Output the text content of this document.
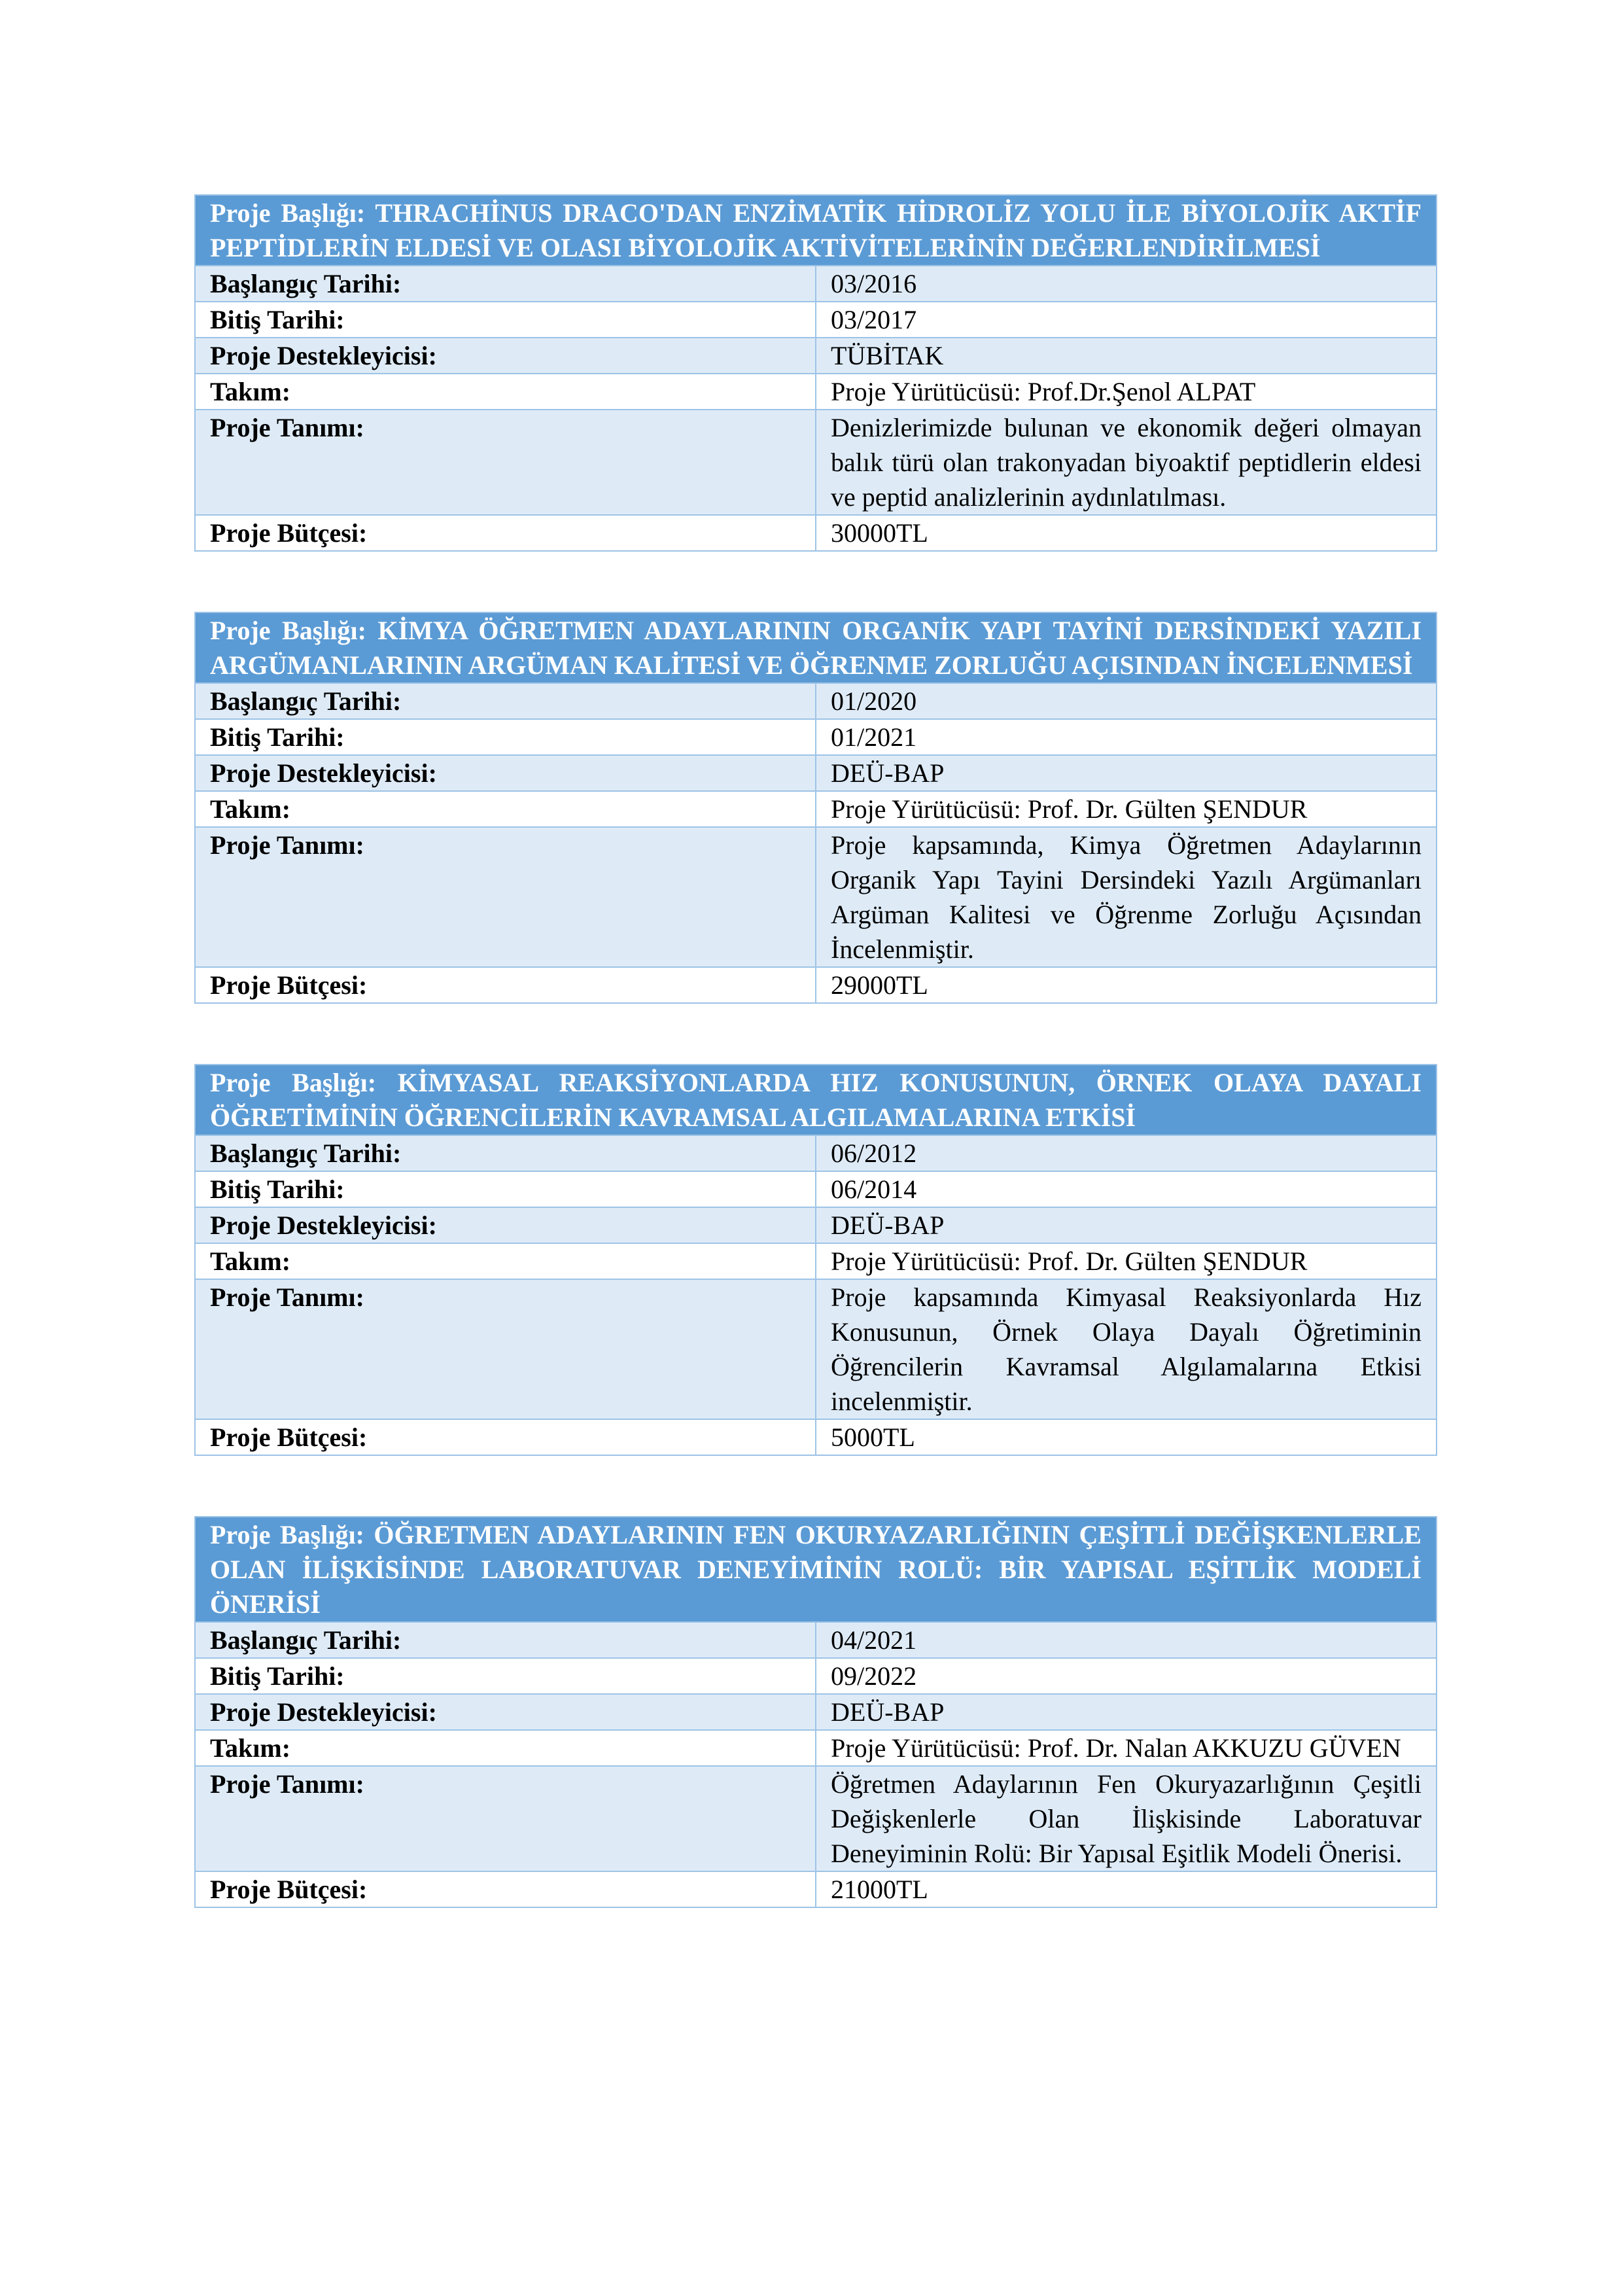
Proje Başlığı: THRACHİNUS DRACO'DAN ENZİMATİK HİDROLİZ YOLU İLE BİYOLOJİK AKTİF PEPTİDLERİN ELDESİ VE OLASI BİYOLOJİK AKTİVİTELERİNİN DEĞERLENDİRİLMESİ	
Başlangıç Tarihi:	03/2016
Bitiş Tarihi:	03/2017
Proje Destekleyicisi:	TÜBİTAK
Takım:	Proje Yürütücüsü: Prof.Dr.Şenol ALPAT
Proje Tanımı:	Denizlerimizde bulunan ve ekonomik değeri olmayan balık türü olan trakonyadan biyoaktif peptidlerin eldesi ve peptid analizlerinin aydınlatılması.
Proje Bütçesi:	30000TL
Proje Başlığı: KİMYA ÖĞRETMEN ADAYLARININ ORGANİK YAPI TAYİNİ DERSİNDEKİ YAZILI ARGÜMANLARININ ARGÜMAN KALİTESİ VE ÖĞRENME ZORLUĞU AÇISINDAN İNCELENMESİ	
Başlangıç Tarihi:	01/2020
Bitiş Tarihi:	01/2021
Proje Destekleyicisi:	DEÜ-BAP
Takım:	Proje Yürütücüsü: Prof. Dr. Gülten ŞENDUR
Proje Tanımı:	Proje kapsamında, Kimya Öğretmen Adaylarının Organik Yapı Tayini Dersindeki Yazılı Argümanları Argüman Kalitesi ve Öğrenme Zorluğu Açısından İncelenmiştir.
Proje Bütçesi:	29000TL
Proje Başlığı: KİMYASAL REAKSİYONLARDA HIZ KONUSUNUN, ÖRNEK OLAYA DAYALI ÖĞRETİMİNİN ÖĞRENCİLERİN KAVRAMSAL ALGILAMALARINA ETKİSİ	
Başlangıç Tarihi:	06/2012
Bitiş Tarihi:	06/2014
Proje Destekleyicisi:	DEÜ-BAP
Takım:	Proje Yürütücüsü: Prof. Dr. Gülten ŞENDUR
Proje Tanımı:	Proje kapsamında Kimyasal Reaksiyonlarda Hız Konusunun, Örnek Olaya Dayalı Öğretiminin Öğrencilerin Kavramsal Algılamalarına Etkisi incelenmiştir.
Proje Bütçesi:	5000TL
Proje Başlığı: ÖĞRETMEN ADAYLARININ FEN OKURYAZARLIĞININ ÇEŞİTLİ DEĞİŞKENLERLE OLAN İLİŞKİSİNDE LABORATUVAR DENEYİMİNİN ROLÜ: BİR YAPISAL EŞİTLİK MODELİ ÖNERİSİ	
Başlangıç Tarihi:	04/2021
Bitiş Tarihi:	09/2022
Proje Destekleyicisi:	DEÜ-BAP
Takım:	Proje Yürütücüsü: Prof. Dr. Nalan AKKUZU GÜVEN
Proje Tanımı:	Öğretmen Adaylarının Fen Okuryazarlığının Çeşitli Değişkenlerle Olan İlişkisinde Laboratuvar Deneyiminin Rolü: Bir Yapısal Eşitlik Modeli Önerisi.
Proje Bütçesi:	21000TL
